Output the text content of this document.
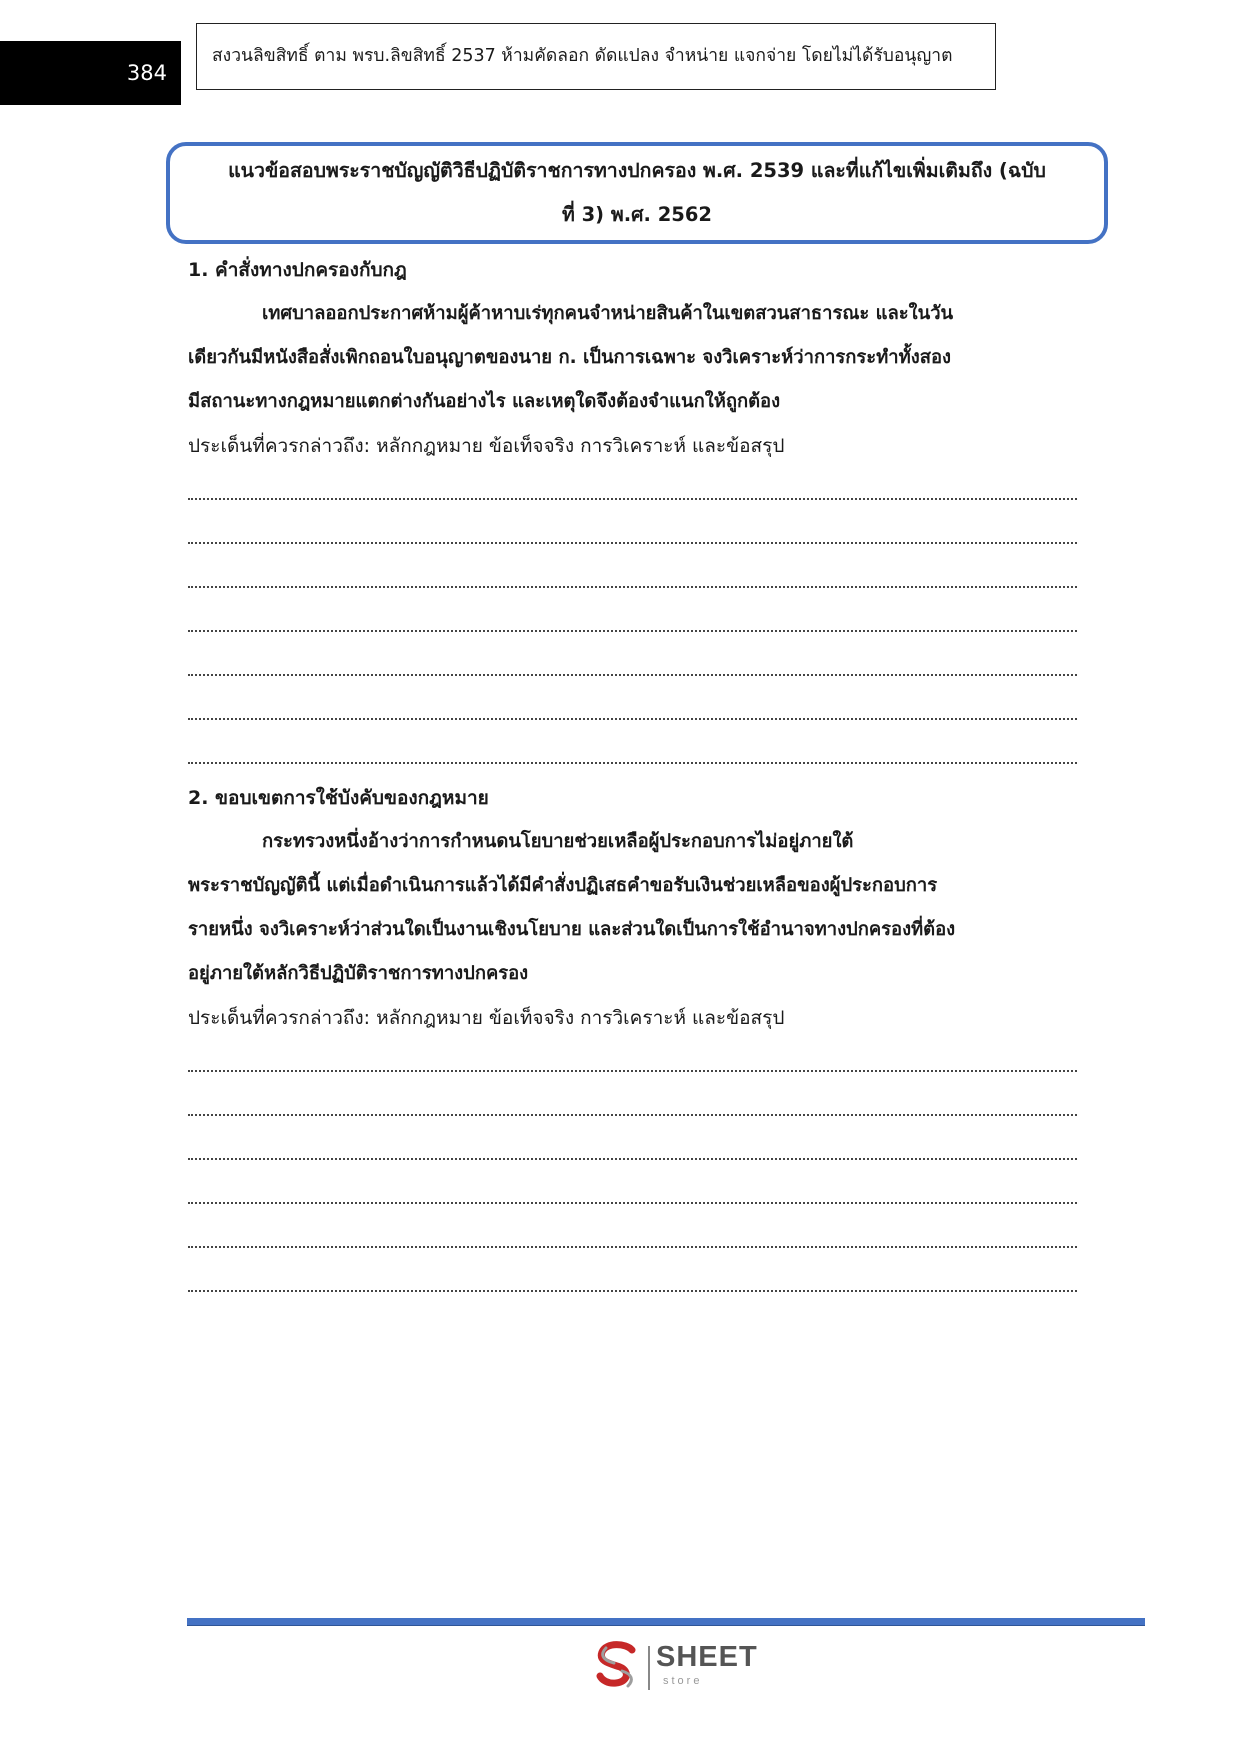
384
สงวนลิขสิทธิ์ ตาม พรบ.ลิขสิทธิ์ 2537 ห้ามคัดลอก ดัดแปลง จำหน่าย แจกจ่าย โดยไม่ได้รับอนุญาต
แนวข้อสอบพระราชบัญญัติวิธีปฏิบัติราชการทางปกครอง พ.ศ. 2539 และที่แก้ไขเพิ่มเติมถึง (ฉบับ
ที่ 3) พ.ศ. 2562
1. คำสั่งทางปกครองกับกฎ

เทศบาลออกประกาศห้ามผู้ค้าหาบเร่ทุกคนจำหน่ายสินค้าในเขตสวนสาธารณะ และในวัน

เดียวกันมีหนังสือสั่งเพิกถอนใบอนุญาตของนาย ก. เป็นการเฉพาะ จงวิเคราะห์ว่าการกระทำทั้งสอง

มีสถานะทางกฎหมายแตกต่างกันอย่างไร และเหตุใดจึงต้องจำแนกให้ถูกต้อง

ประเด็นที่ควรกล่าวถึง: หลักกฎหมาย ข้อเท็จจริง การวิเคราะห์ และข้อสรุป
2. ขอบเขตการใช้บังคับของกฎหมาย

กระทรวงหนึ่งอ้างว่าการกำหนดนโยบายช่วยเหลือผู้ประกอบการไม่อยู่ภายใต้

พระราชบัญญัตินี้ แต่เมื่อดำเนินการแล้วได้มีคำสั่งปฏิเสธคำขอรับเงินช่วยเหลือของผู้ประกอบการ

รายหนึ่ง จงวิเคราะห์ว่าส่วนใดเป็นงานเชิงนโยบาย และส่วนใดเป็นการใช้อำนาจทางปกครองที่ต้อง

อยู่ภายใต้หลักวิธีปฏิบัติราชการทางปกครอง

ประเด็นที่ควรกล่าวถึง: หลักกฎหมาย ข้อเท็จจริง การวิเคราะห์ และข้อสรุป
SHEET
store
